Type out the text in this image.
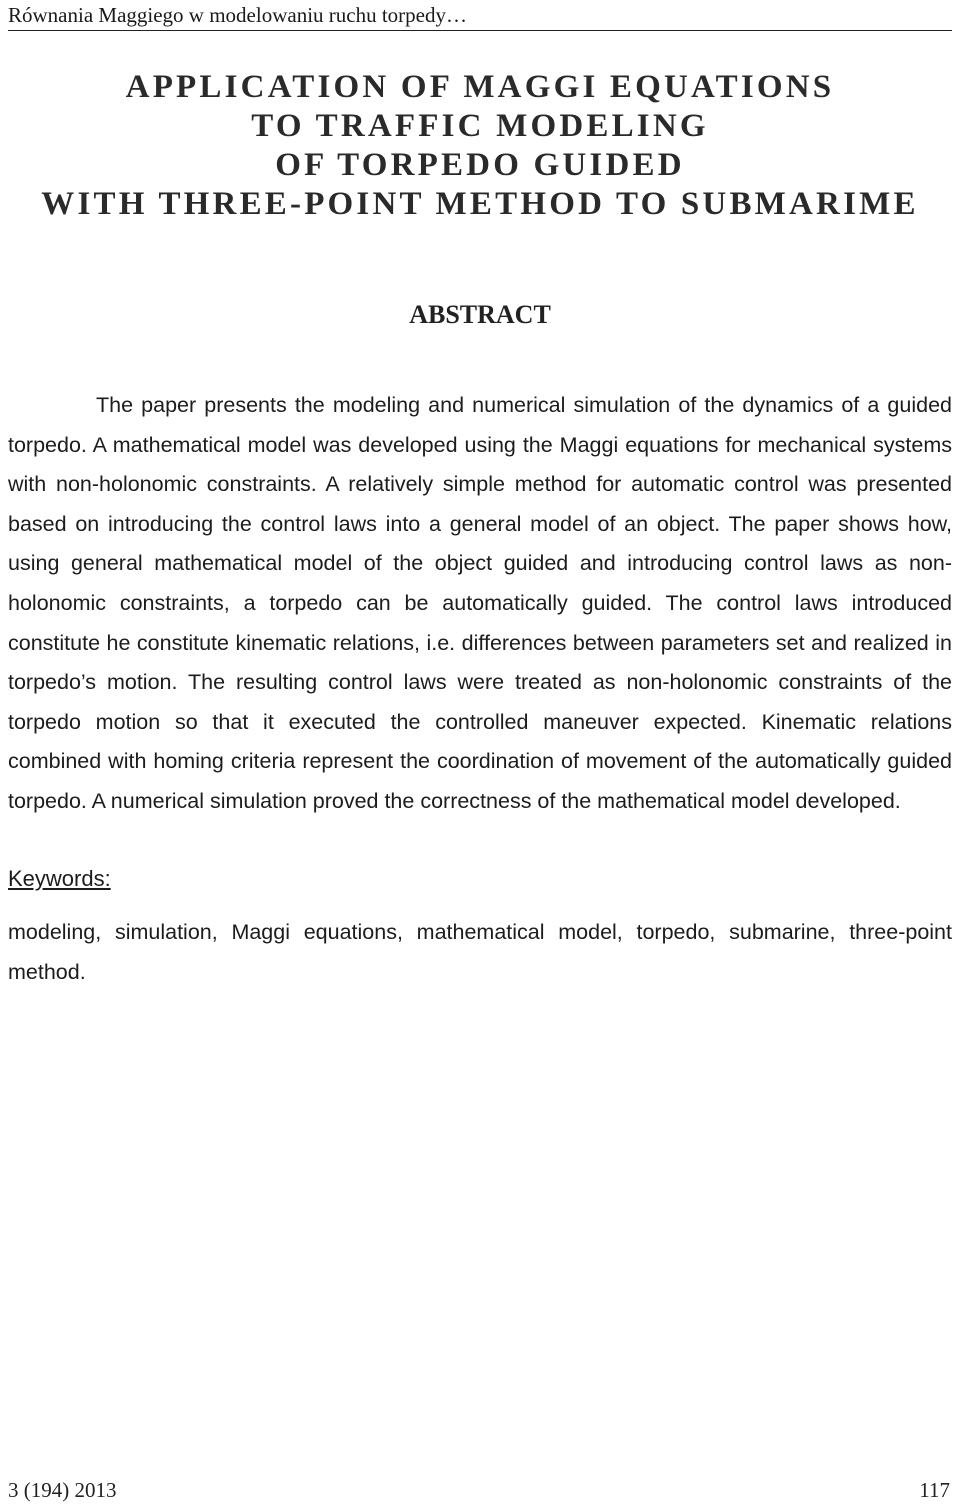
Równania Maggiego w modelowaniu ruchu torpedy…
APPLICATION OF MAGGI EQUATIONS
TO TRAFFIC MODELING
OF TORPEDO GUIDED
WITH THREE-POINT METHOD TO SUBMARIME
ABSTRACT
The paper presents the modeling and numerical simulation of the dynamics of a guided torpedo. A mathematical model was developed using the Maggi equations for mechanical systems with non-holonomic constraints. A relatively simple method for automatic control was presented based on introducing the control laws into a general model of an object. The paper shows how, using general mathematical model of the object guided and introducing control laws as non-holonomic constraints, a torpedo can be automatically guided. The control laws introduced constitute he constitute kinematic relations, i.e. differences between parameters set and realized in torpedo’s motion. The resulting control laws were treated as non-holonomic constraints of the torpedo motion so that it executed the controlled maneuver expected. Kinematic relations combined with homing criteria represent the coordination of movement of the automatically guided torpedo. A numerical simulation proved the correctness of the mathematical model developed.
Keywords:
modeling, simulation, Maggi equations, mathematical model, torpedo, submarine, three-point method.
3 (194) 2013	117
